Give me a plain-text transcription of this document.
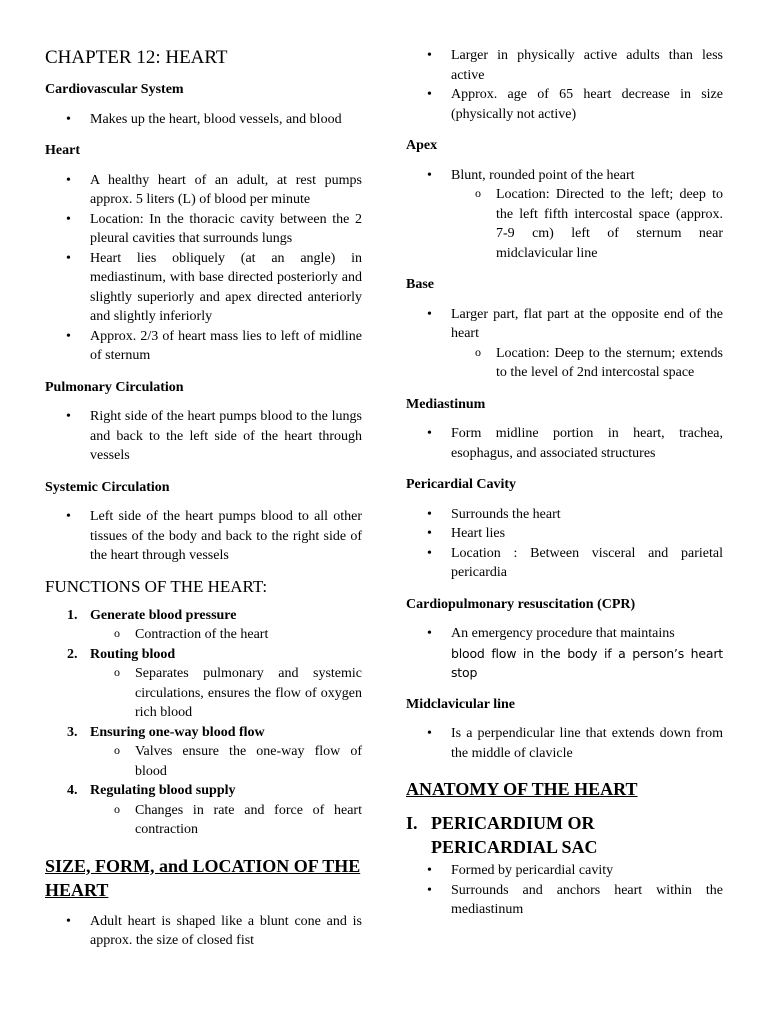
CHAPTER 12: HEART
Cardiovascular System
• Makes up the heart, blood vessels, and blood
Heart
• A healthy heart of an adult, at rest pumps approx. 5 liters (L) of blood per minute
• Location: In the thoracic cavity between the 2 pleural cavities that surrounds lungs
• Heart lies obliquely (at an angle) in mediastinum, with base directed posteriorly and slightly superiorly and apex directed anteriorly and slightly inferiorly
• Approx. 2/3 of heart mass lies to left of midline of sternum
Pulmonary Circulation
• Right side of the heart pumps blood to the lungs and back to the left side of the heart through vessels
Systemic Circulation
• Left side of the heart pumps blood to all other tissues of the body and back to the right side of the heart through vessels
FUNCTIONS OF THE HEART:
1. Generate blood pressure
o Contraction of the heart
2. Routing blood
o Separates pulmonary and systemic circulations, ensures the flow of oxygen rich blood
3. Ensuring one-way blood flow
o Valves ensure the one-way flow of blood
4. Regulating blood supply
o Changes in rate and force of heart contraction
SIZE, FORM, and LOCATION OF THE HEART
• Adult heart is shaped like a blunt cone and is approx. the size of closed fist
• Larger in physically active adults than less active
• Approx. age of 65 heart decrease in size (physically not active)
Apex
• Blunt, rounded point of the heart
o Location: Directed to the left; deep to the left fifth intercostal space (approx. 7-9 cm) left of sternum near midclavicular line
Base
• Larger part, flat part at the opposite end of the heart
o Location: Deep to the sternum; extends to the level of 2nd intercostal space
Mediastinum
• Form midline portion in heart, trachea, esophagus, and associated structures
Pericardial Cavity
• Surrounds the heart
• Heart lies
• Location : Between visceral and parietal pericardia
Cardiopulmonary resuscitation (CPR)
• An emergency procedure that maintains
blood flow in the body if a person’s heart stop
Midclavicular line
• Is a perpendicular line that extends down from the middle of clavicle
ANATOMY OF THE HEART
I. PERICARDIUM OR PERICARDIAL SAC
• Formed by pericardial cavity
• Surrounds and anchors heart within the mediastinum
